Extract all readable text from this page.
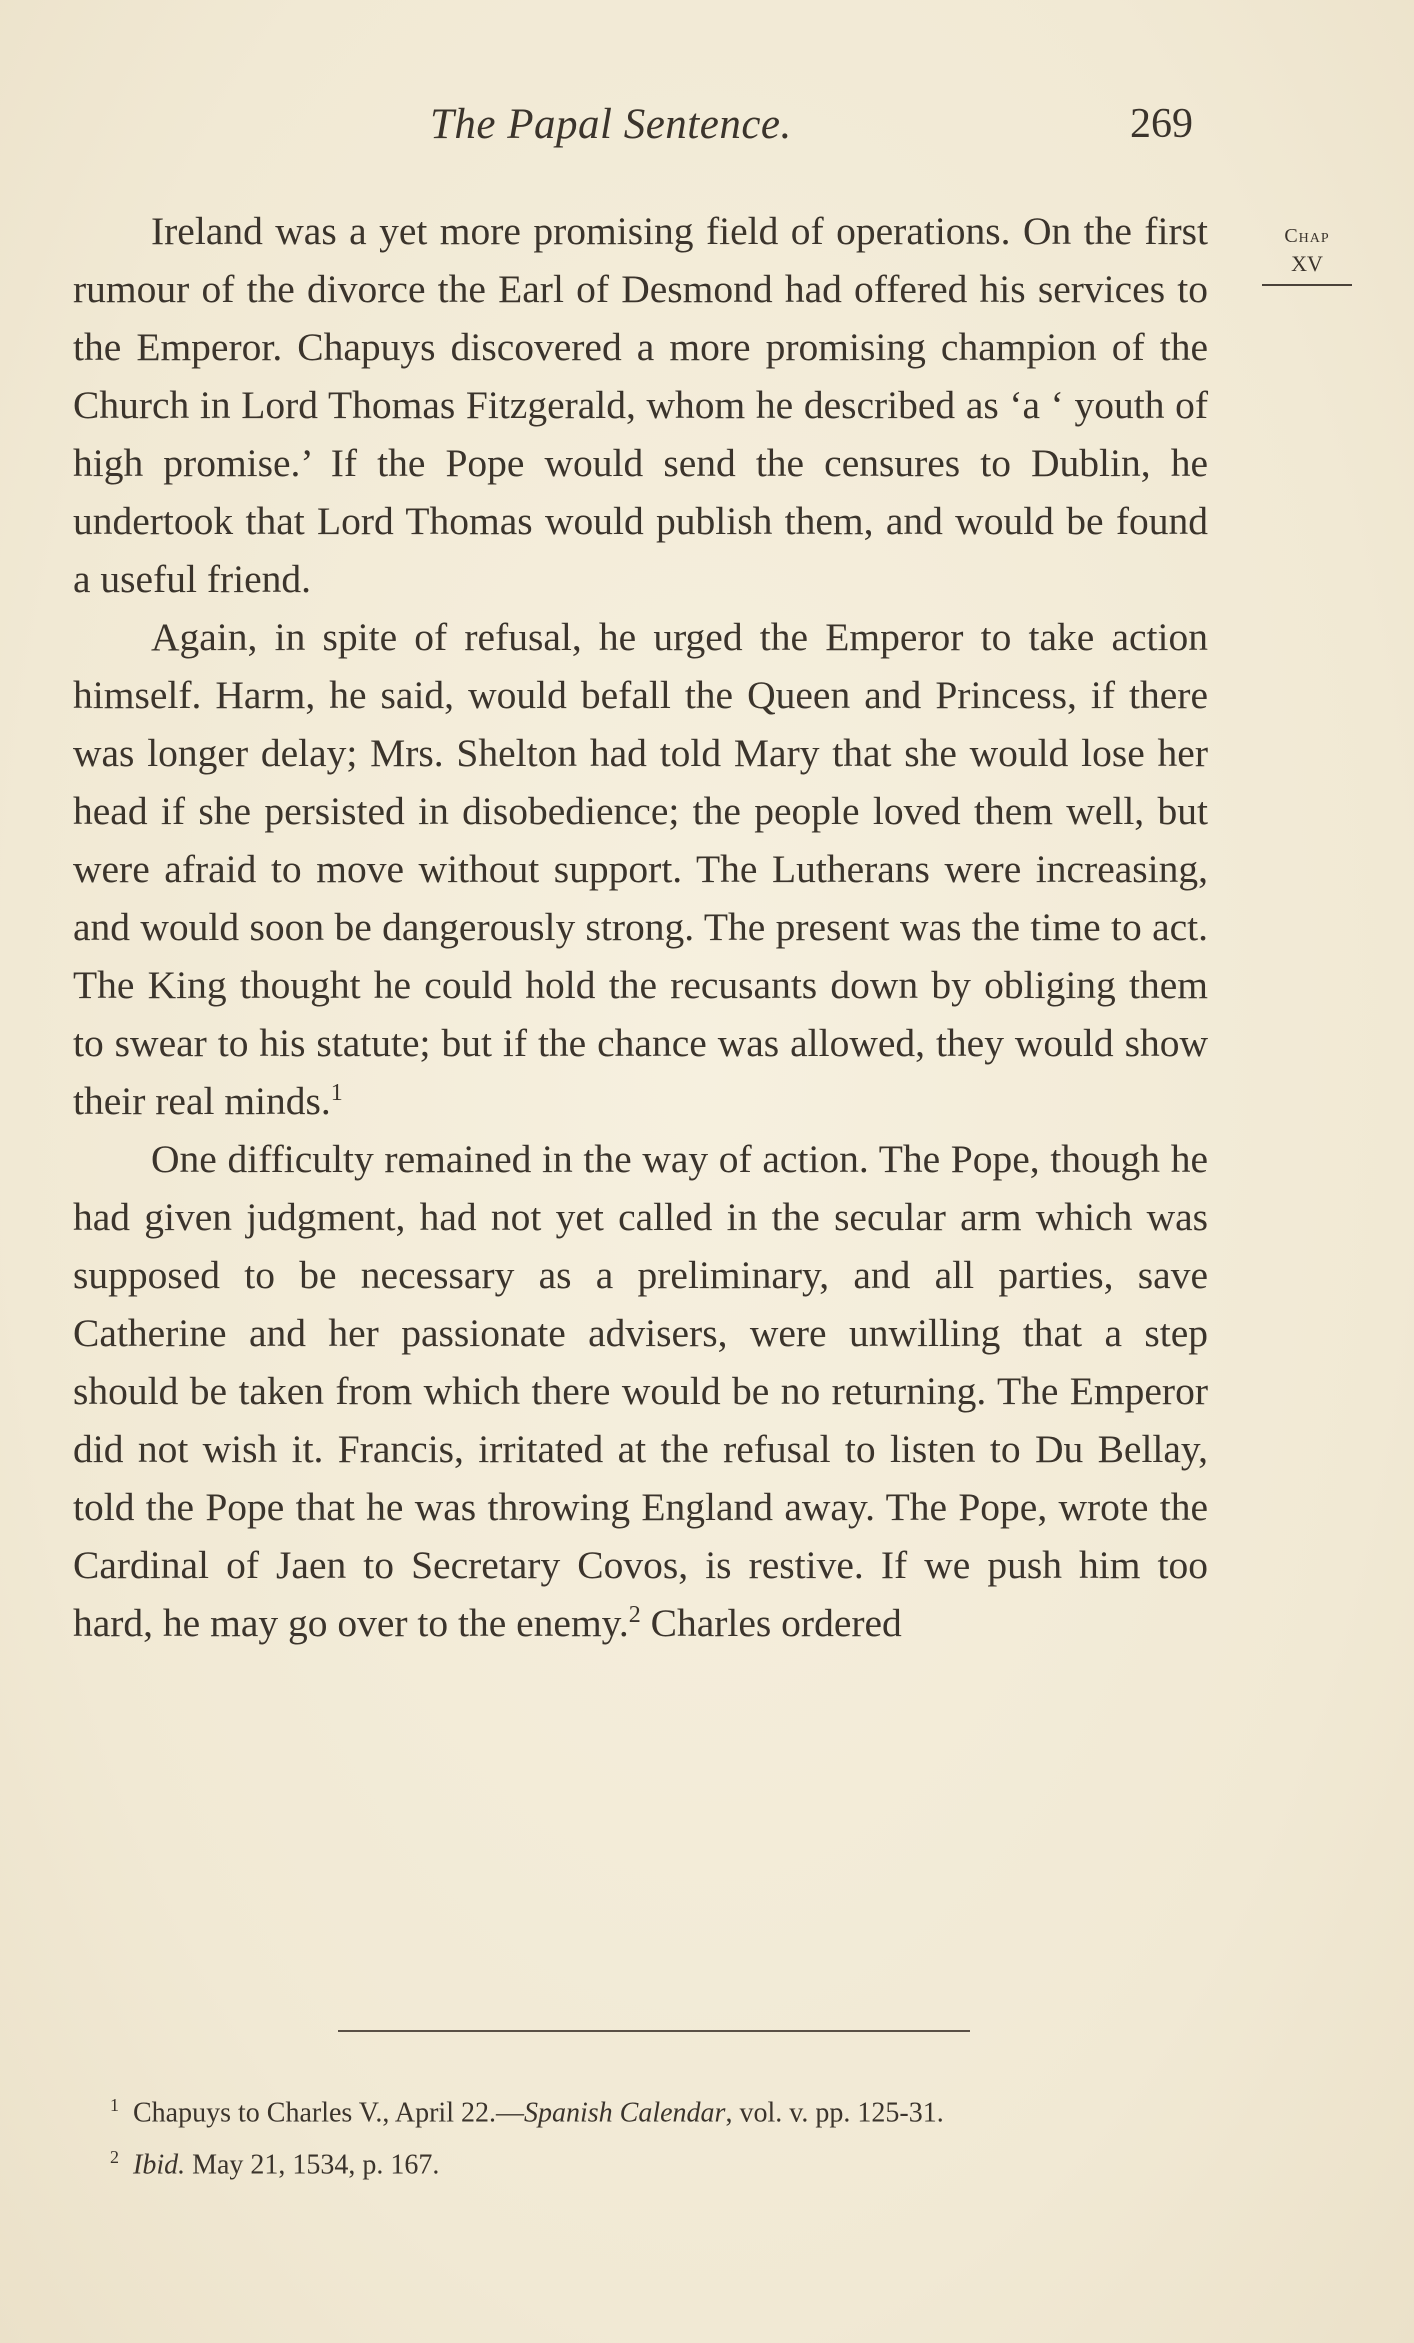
The Papal Sentence.	269
Chap
XV

Ireland was a yet more promising field of operations. On the first rumour of the divorce the Earl of Desmond had offered his services to the Emperor. Chapuys discovered a more promising champion of the Church in Lord Thomas Fitzgerald, whom he described as ‘a ‘ youth of high promise.’ If the Pope would send the censures to Dublin, he undertook that Lord Thomas would publish them, and would be found a useful friend.

Again, in spite of refusal, he urged the Emperor to take action himself. Harm, he said, would befall the Queen and Princess, if there was longer delay; Mrs. Shelton had told Mary that she would lose her head if she persisted in disobedience; the people loved them well, but were afraid to move without support. The Lutherans were increasing, and would soon be dangerously strong. The present was the time to act. The King thought he could hold the recusants down by obliging them to swear to his statute; but if the chance was allowed, they would show their real minds.$^1$

One difficulty remained in the way of action. The Pope, though he had given judgment, had not yet called in the secular arm which was supposed to be necessary as a preliminary, and all parties, save Catherine and her passionate advisers, were unwilling that a step should be taken from which there would be no returning. The Emperor did not wish it. Francis, irritated at the refusal to listen to Du Bellay, told the Pope that he was throwing England away. The Pope, wrote the Cardinal of Jaen to Secretary Covos, is restive. If we push him too hard, he may go over to the enemy.$^2$ Charles ordered

$^1$ Chapuys to Charles V., April 22.—Spanish Calendar, vol. v. pp. 125-31.
$^2$ Ibid. May 21, 1534, p. 167.
